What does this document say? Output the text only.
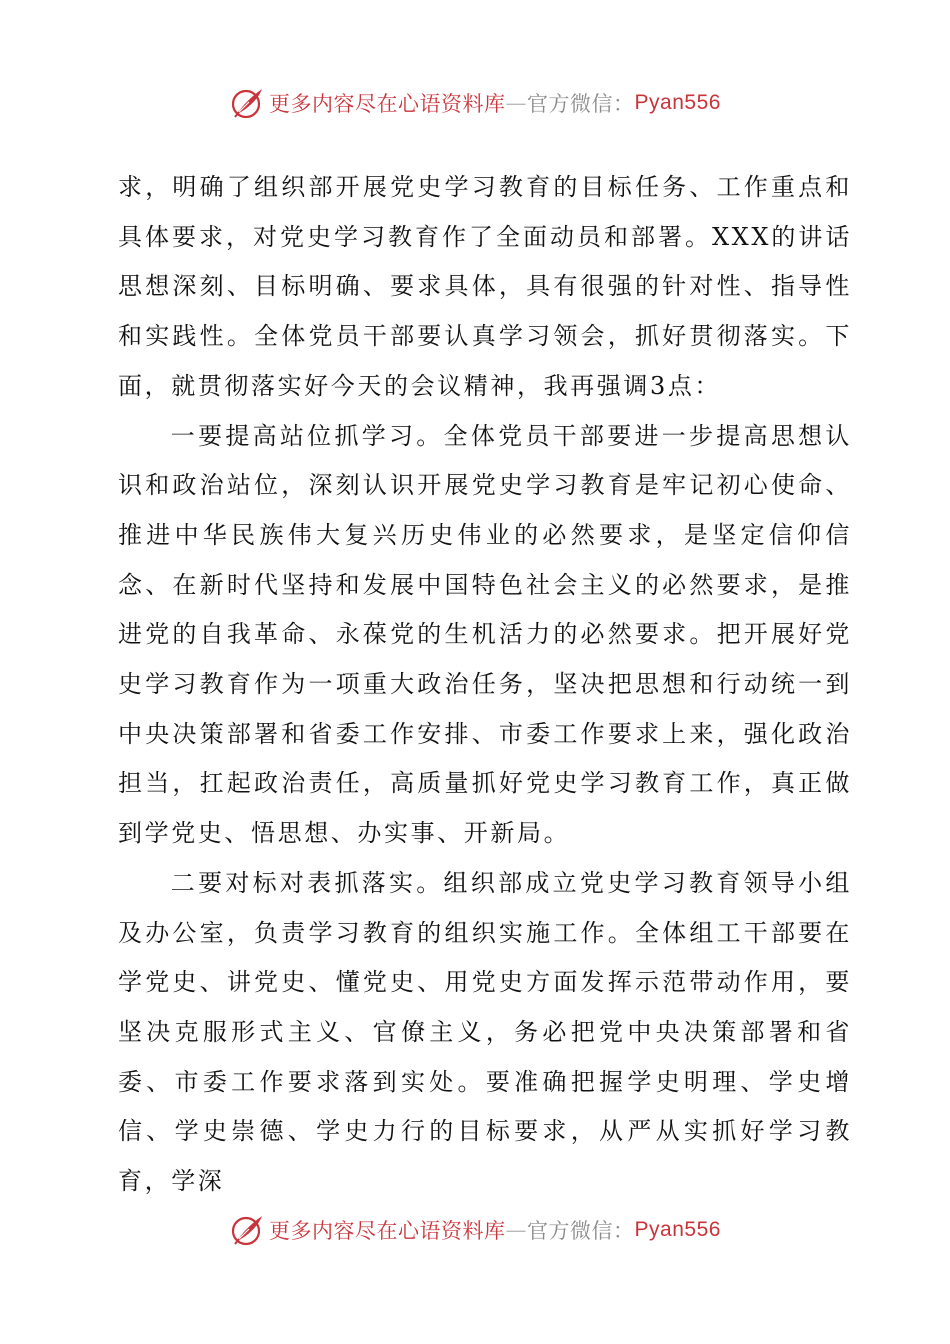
更多内容尽在心语资料库 — 官方微信： Pyan556

求，明确了组织部开展党史学习教育的目标任务、工作重点和具体要求，对党史学习教育作了全面动员和部署。XXX的讲话思想深刻、目标明确、要求具体，具有很强的针对性、指导性和实践性。全体党员干部要认真学习领会，抓好贯彻落实。下面，就贯彻落实好今天的会议精神，我再强调3点：

一要提高站位抓学习。全体党员干部要进一步提高思想认识和政治站位，深刻认识开展党史学习教育是牢记初心使命、推进中华民族伟大复兴历史伟业的必然要求，是坚定信仰信念、在新时代坚持和发展中国特色社会主义的必然要求，是推进党的自我革命、永葆党的生机活力的必然要求。把开展好党史学习教育作为一项重大政治任务，坚决把思想和行动统一到中央决策部署和省委工作安排、市委工作要求上来，强化政治担当，扛起政治责任，高质量抓好党史学习教育工作，真正做到学党史、悟思想、办实事、开新局。

二要对标对表抓落实。组织部成立党史学习教育领导小组及办公室，负责学习教育的组织实施工作。全体组工干部要在学党史、讲党史、懂党史、用党史方面发挥示范带动作用，要坚决克服形式主义、官僚主义，务必把党中央决策部署和省委、市委工作要求落到实处。要准确把握学史明理、学史增信、学史崇德、学史力行的目标要求，从严从实抓好学习教育，学深

更多内容尽在心语资料库 — 官方微信： Pyan556
